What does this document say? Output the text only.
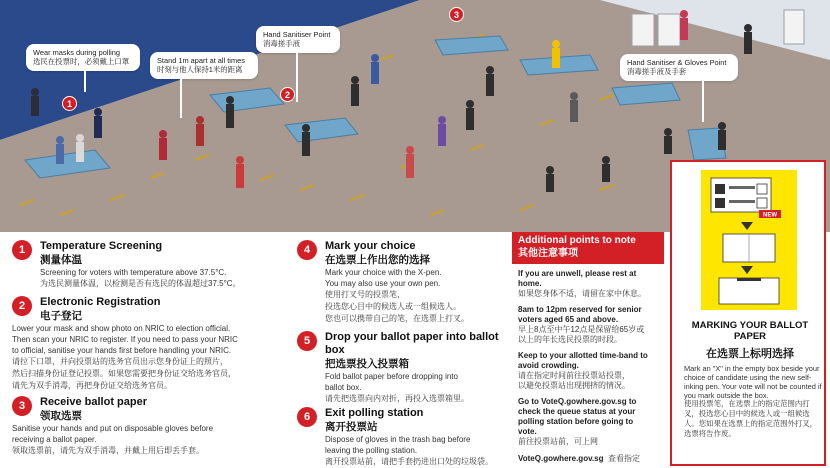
Wear masks during polling
选民在投票时，必须戴上口罩	Stand 1m apart at all times
时刻与他人保持1米的距离
Hand Sanitiser Point
消毒搓手液
Hand Sanitiser & Gloves Point
消毒搓手液及手套
1
2
3
1	Temperature Screening
测量体温
Screening for voters with temperature above 37.5°C.
为选民测量体温，以检测是否有选民的体温超过37.5°C。
2	Electronic Registration
电子登记
Lower your mask and show photo on NRIC to election official.
Then scan your NRIC to register. If you need to pass your NRIC
to official, sanitise your hands first before handling your NRIC.
请拉下口罩，并向投票站的选务官员出示您身份证上的照片，
然后扫描身份证登记投票。如果您需要把身份证交给选务官员，
请先为双手消毒，再把身份证交给选务官员。
3	Receive ballot paper
领取选票
Sanitise your hands and put on disposable gloves before
receiving a ballot paper.
领取选票前，请先为双手消毒，并戴上用后即丢手套。
4	Mark your choice
在选票上作出您的选择
Mark your choice with the X-pen.
You may also use your own pen.
使用打叉号的投票笔，
投选您心目中的候选人或一组候选人。
您也可以携带自己的笔，在选票上打叉。
5	Drop your ballot paper into ballot box
把选票投入投票箱
Fold ballot paper before dropping into
ballot box.
请先把选票向内对折，再投入选票箱里。
6	Exit polling station
离开投票站
Dispose of gloves in the trash bag before
leaving the polling station.
离开投票站前，请把手套扔进出口处的垃圾袋。
Additional points to note
其他注意事项
If you are unwell, please rest at
home.
如果您身体不适，请留在家中休息。
8am to 12pm reserved for senior
voters aged 65 and above.
早上8点至中午12点是保留给65岁或
以上的年长选民投票的时段。
Keep to your allotted time-band to
avoid crowding.
请在指定时间前往投票站投票，
以避免投票站出现拥挤的情况。
Go to VoteQ.gowhere.gov.sg to
check the queue status at your
polling station before going to
vote.
前往投票站前，可上网
VoteQ.gowhere.gov.sg 查看指定
NEW
MARKING YOUR BALLOT PAPER
在选票上标明选择
Mark an "X" in the empty box beside your choice of candidate using the new self-inking pen. Your vote will not be counted if you mark outside the box.
使用投票笔，在选票上的指定范围内打叉，投选您心目中的候选人或一组候选人。您如果在选票上的指定范围外打叉，选票将告作废。
